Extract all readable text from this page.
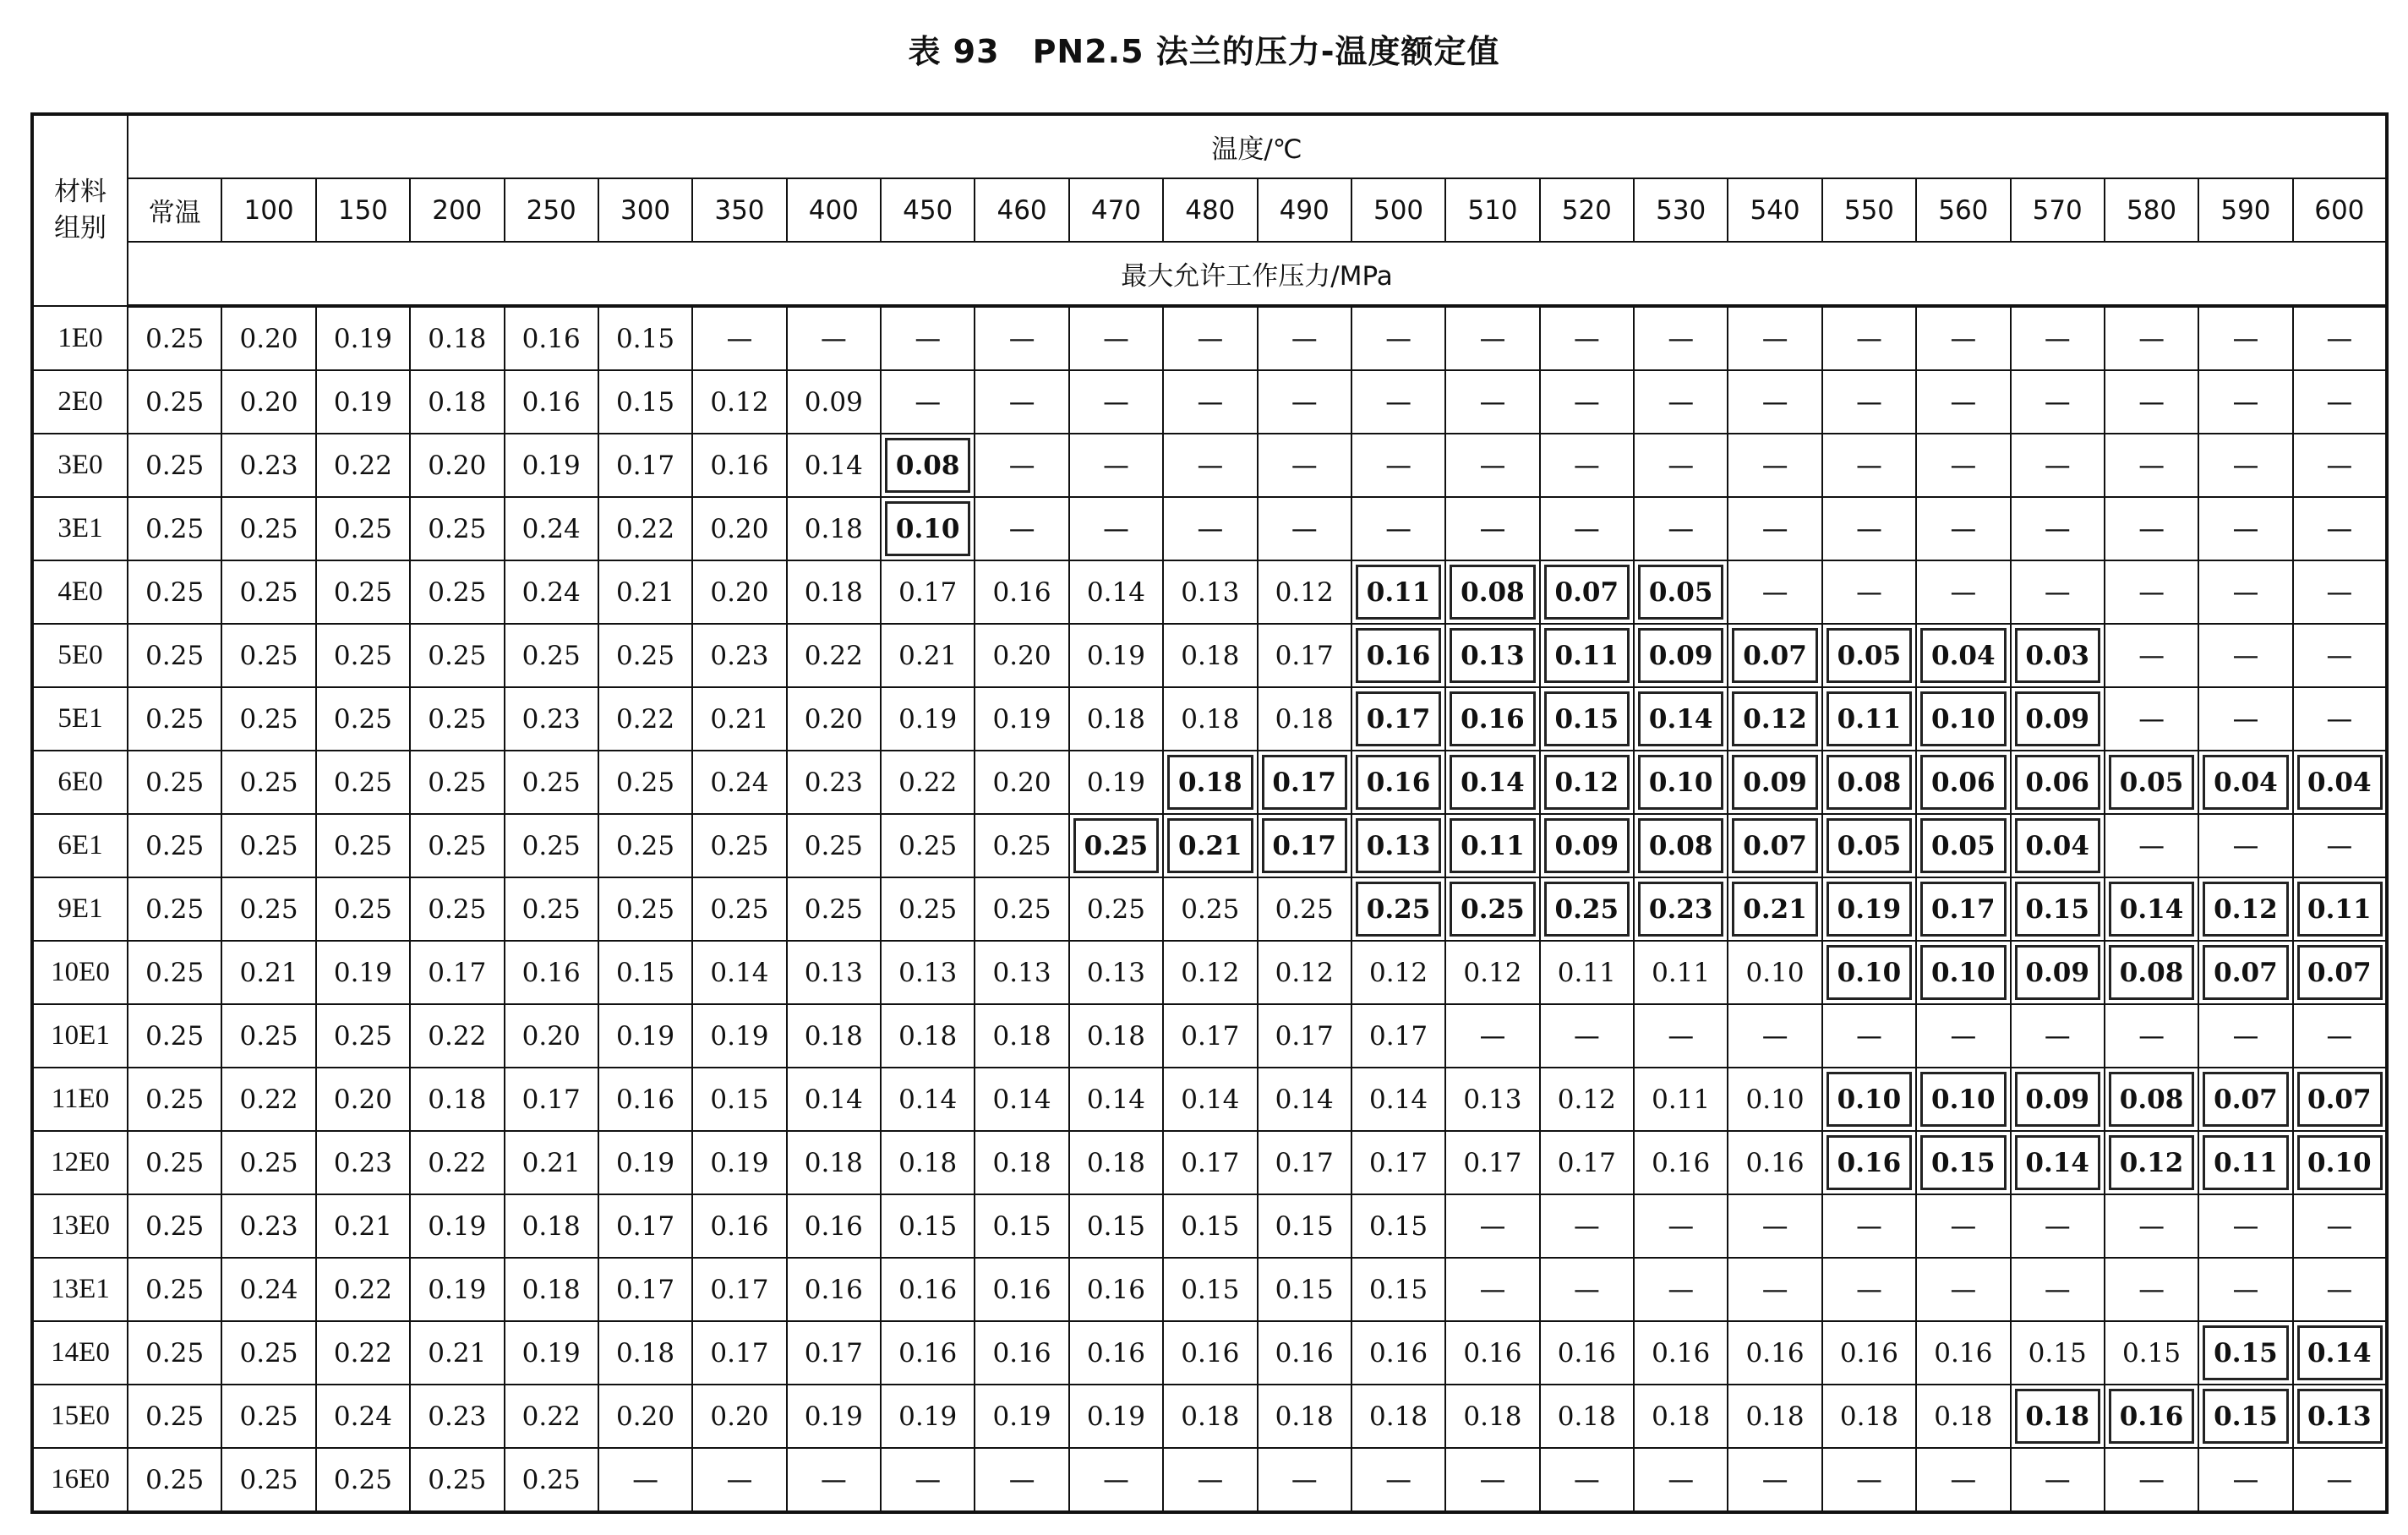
表 93　PN2.5 法兰的压力-温度额定值
材料
组别	温度/℃																							
	常温	100	150	200	250	300	350	400	450	460	470	480	490	500	510	520	530	540	550	560	570	580	590	600
	最大允许工作压力/MPa																							
1E0	0.25	0.20	0.19	0.18	0.16	0.15	—	—	—	—	—	—	—	—	—	—	—	—	—	—	—	—	—	—
2E0	0.25	0.20	0.19	0.18	0.16	0.15	0.12	0.09	—	—	—	—	—	—	—	—	—	—	—	—	—	—	—	—
3E0	0.25	0.23	0.22	0.20	0.19	0.17	0.16	0.14	0.08	—	—	—	—	—	—	—	—	—	—	—	—	—	—	—
3E1	0.25	0.25	0.25	0.25	0.24	0.22	0.20	0.18	0.10	—	—	—	—	—	—	—	—	—	—	—	—	—	—	—
4E0	0.25	0.25	0.25	0.25	0.24	0.21	0.20	0.18	0.17	0.16	0.14	0.13	0.12	0.11	0.08	0.07	0.05	—	—	—	—	—	—	—
5E0	0.25	0.25	0.25	0.25	0.25	0.25	0.23	0.22	0.21	0.20	0.19	0.18	0.17	0.16	0.13	0.11	0.09	0.07	0.05	0.04	0.03	—	—	—
5E1	0.25	0.25	0.25	0.25	0.23	0.22	0.21	0.20	0.19	0.19	0.18	0.18	0.18	0.17	0.16	0.15	0.14	0.12	0.11	0.10	0.09	—	—	—
6E0	0.25	0.25	0.25	0.25	0.25	0.25	0.24	0.23	0.22	0.20	0.19	0.18	0.17	0.16	0.14	0.12	0.10	0.09	0.08	0.06	0.06	0.05	0.04	0.04
6E1	0.25	0.25	0.25	0.25	0.25	0.25	0.25	0.25	0.25	0.25	0.25	0.21	0.17	0.13	0.11	0.09	0.08	0.07	0.05	0.05	0.04	—	—	—
9E1	0.25	0.25	0.25	0.25	0.25	0.25	0.25	0.25	0.25	0.25	0.25	0.25	0.25	0.25	0.25	0.25	0.23	0.21	0.19	0.17	0.15	0.14	0.12	0.11
10E0	0.25	0.21	0.19	0.17	0.16	0.15	0.14	0.13	0.13	0.13	0.13	0.12	0.12	0.12	0.12	0.11	0.11	0.10	0.10	0.10	0.09	0.08	0.07	0.07
10E1	0.25	0.25	0.25	0.22	0.20	0.19	0.19	0.18	0.18	0.18	0.18	0.17	0.17	0.17	—	—	—	—	—	—	—	—	—	—
11E0	0.25	0.22	0.20	0.18	0.17	0.16	0.15	0.14	0.14	0.14	0.14	0.14	0.14	0.14	0.13	0.12	0.11	0.10	0.10	0.10	0.09	0.08	0.07	0.07
12E0	0.25	0.25	0.23	0.22	0.21	0.19	0.19	0.18	0.18	0.18	0.18	0.17	0.17	0.17	0.17	0.17	0.16	0.16	0.16	0.15	0.14	0.12	0.11	0.10
13E0	0.25	0.23	0.21	0.19	0.18	0.17	0.16	0.16	0.15	0.15	0.15	0.15	0.15	0.15	—	—	—	—	—	—	—	—	—	—
13E1	0.25	0.24	0.22	0.19	0.18	0.17	0.17	0.16	0.16	0.16	0.16	0.15	0.15	0.15	—	—	—	—	—	—	—	—	—	—
14E0	0.25	0.25	0.22	0.21	0.19	0.18	0.17	0.17	0.16	0.16	0.16	0.16	0.16	0.16	0.16	0.16	0.16	0.16	0.16	0.16	0.15	0.15	0.15	0.14
15E0	0.25	0.25	0.24	0.23	0.22	0.20	0.20	0.19	0.19	0.19	0.19	0.18	0.18	0.18	0.18	0.18	0.18	0.18	0.18	0.18	0.18	0.16	0.15	0.13
16E0	0.25	0.25	0.25	0.25	0.25	—	—	—	—	—	—	—	—	—	—	—	—	—	—	—	—	—	—	—
